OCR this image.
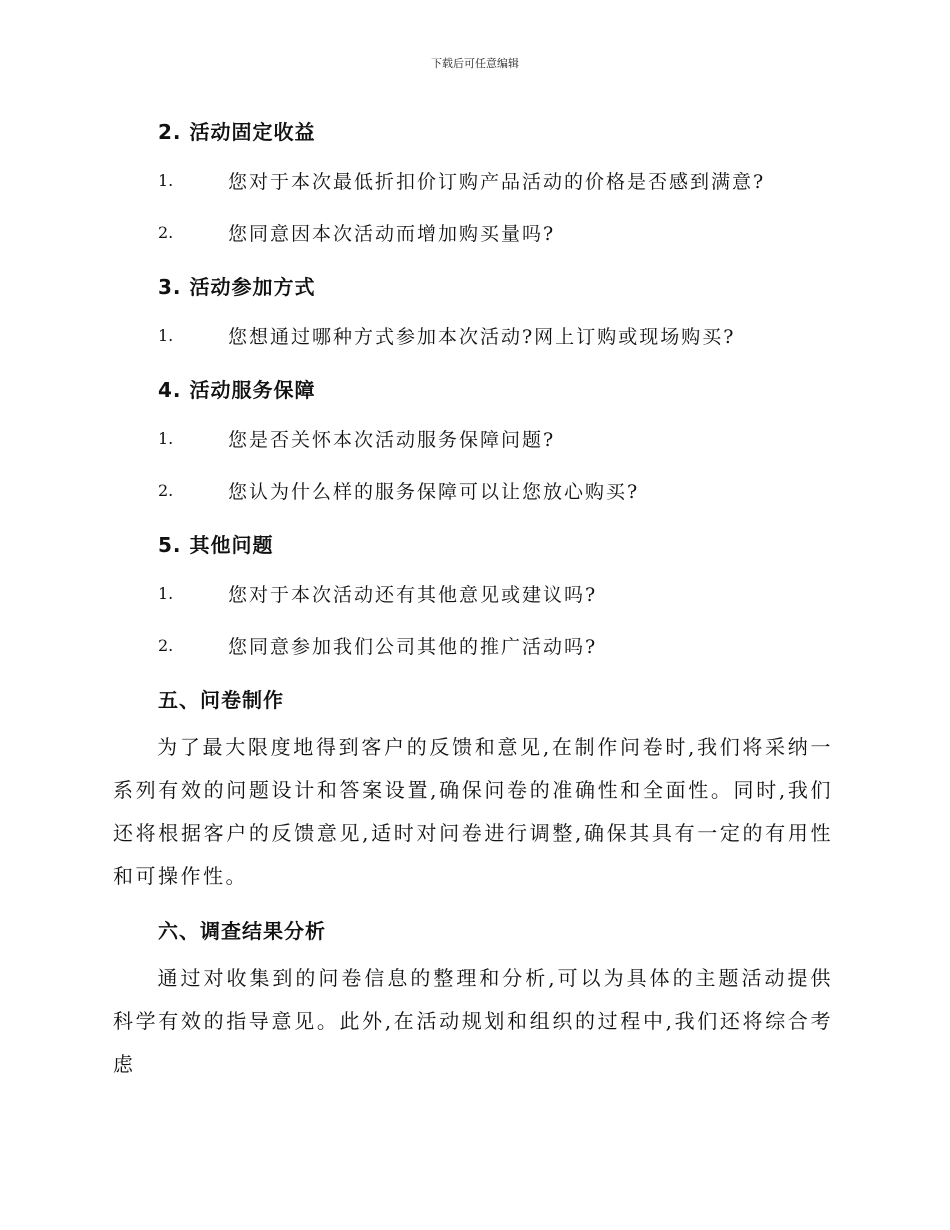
下载后可任意编辑
2. 活动固定收益
1.	您对于本次最低折扣价订购产品活动的价格是否感到满意?
2.	您同意因本次活动而增加购买量吗?
3. 活动参加方式
1.	您想通过哪种方式参加本次活动?网上订购或现场购买?
4. 活动服务保障
1.	您是否关怀本次活动服务保障问题?
2.	您认为什么样的服务保障可以让您放心购买?
5. 其他问题
1.	您对于本次活动还有其他意见或建议吗?
2.	您同意参加我们公司其他的推广活动吗?
五、问卷制作
为了最大限度地得到客户的反馈和意见,在制作问卷时,我们将采纳一系列有效的问题设计和答案设置,确保问卷的准确性和全面性。同时,我们还将根据客户的反馈意见,适时对问卷进行调整,确保其具有一定的有用性和可操作性。
六、调查结果分析
通过对收集到的问卷信息的整理和分析,可以为具体的主题活动提供科学有效的指导意见。此外,在活动规划和组织的过程中,我们还将综合考虑
